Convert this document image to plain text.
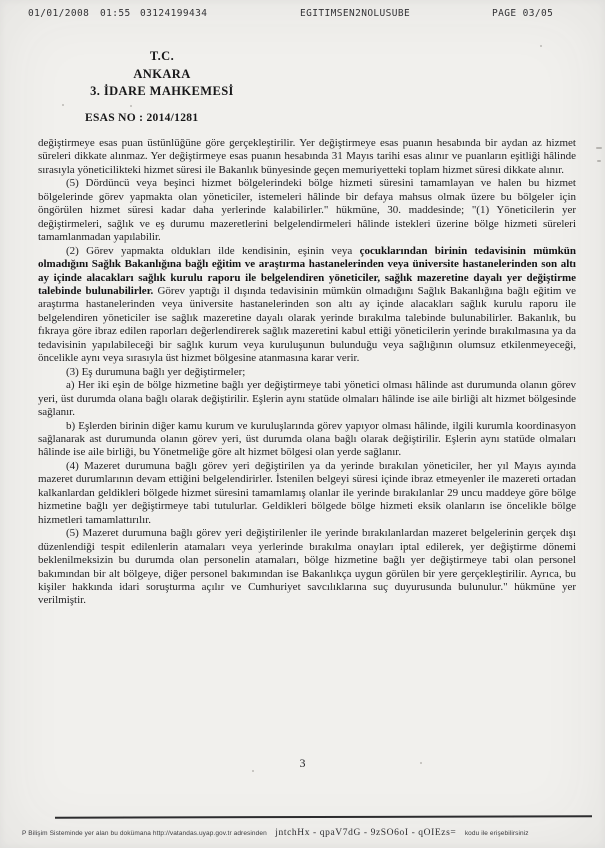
01/01/2008 01:55 03124199434	EGITIMSEN2NOLUSUBE	PAGE 03/05
T.C.
ANKARA
3. İDARE MAHKEMESİ
ESAS NO : 2014/1281

değiştirmeye esas puan üstünlüğüne göre gerçekleştirilir. Yer değiştirmeye esas puanın hesabında bir aydan az hizmet süreleri dikkate alınmaz. Yer değiştirmeye esas puanın hesabında 31 Mayıs tarihi esas alınır ve puanların eşitliği hâlinde sırasıyla yöneticilikteki hizmet süresi ile Bakanlık bünyesinde geçen memuriyetteki toplam hizmet süresi dikkate alınır.

(5) Dördüncü veya beşinci hizmet bölgelerindeki bölge hizmeti süresini tamamlayan ve halen bu hizmet bölgelerinde görev yapmakta olan yöneticiler, istemeleri hâlinde bir defaya mahsus olmak üzere bu bölgeler için öngörülen hizmet süresi kadar daha yerlerinde kalabilirler." hükmüne, 30. maddesinde; "(1) Yöneticilerin yer değiştirmeleri, sağlık ve eş durumu mazeretlerini belgelendirmeleri hâlinde istekleri üzerine bölge hizmeti süreleri tamamlanmadan yapılabilir.

(2) Görev yapmakta oldukları ilde kendisinin, eşinin veya çocuklarından birinin tedavisinin mümkün olmadığını Sağlık Bakanlığına bağlı eğitim ve araştırma hastanelerinden veya üniversite hastanelerinden son altı ay içinde alacakları sağlık kurulu raporu ile belgelendiren yöneticiler, sağlık mazeretine dayalı yer değiştirme talebinde bulunabilirler. Görev yaptığı il dışında tedavisinin mümkün olmadığını Sağlık Bakanlığına bağlı eğitim ve araştırma hastanelerinden veya üniversite hastanelerinden son altı ay içinde alacakları sağlık kurulu raporu ile belgelendiren yöneticiler ise sağlık mazeretine dayalı olarak yerinde bırakılma talebinde bulunabilirler. Bakanlık, bu fıkraya göre ibraz edilen raporları değerlendirerek sağlık mazeretini kabul ettiği yöneticilerin yerinde bırakılmasına ya da tedavisinin yapılabileceği bir sağlık kurum veya kuruluşunun bulunduğu veya sağlığının olumsuz etkilenmeyeceği, öncelikle aynı veya sırasıyla üst hizmet bölgesine atanmasına karar verir.

(3) Eş durumuna bağlı yer değiştirmeler;

a) Her iki eşin de bölge hizmetine bağlı yer değiştirmeye tabi yönetici olması hâlinde ast durumunda olanın görev yeri, üst durumda olana bağlı olarak değiştirilir. Eşlerin aynı statüde olmaları hâlinde ise aile birliği alt hizmet bölgesinde sağlanır.

b) Eşlerden birinin diğer kamu kurum ve kuruluşlarında görev yapıyor olması hâlinde, ilgili kurumla koordinasyon sağlanarak ast durumunda olanın görev yeri, üst durumda olana bağlı olarak değiştirilir. Eşlerin aynı statüde olmaları hâlinde ise aile birliği, bu Yönetmeliğe göre alt hizmet bölgesi olan yerde sağlanır.

(4) Mazeret durumuna bağlı görev yeri değiştirilen ya da yerinde bırakılan yöneticiler, her yıl Mayıs ayında mazeret durumlarının devam ettiğini belgelendirirler. İstenilen belgeyi süresi içinde ibraz etmeyenler ile mazereti ortadan kalkanlardan geldikleri bölgede hizmet süresini tamamlamış olanlar ile yerinde bırakılanlar 29 uncu maddeye göre bölge hizmetine bağlı yer değiştirmeye tabi tutulurlar. Geldikleri bölgede bölge hizmeti eksik olanların ise öncelikle bölge hizmetleri tamamlattırılır.

(5) Mazeret durumuna bağlı görev yeri değiştirilenler ile yerinde bırakılanlardan mazeret belgelerinin gerçek dışı düzenlendiği tespit edilenlerin atamaları veya yerlerinde bırakılma onayları iptal edilerek, yer değiştirme dönemi beklenilmeksizin bu durumda olan personelin atamaları, bölge hizmetine bağlı yer değiştirmeye tabi olan personel bakımından bir alt bölgeye, diğer personel bakımından ise Bakanlıkça uygun görülen bir yere gerçekleştirilir. Ayrıca, bu kişiler hakkında idari soruşturma açılır ve Cumhuriyet savcılıklarına suç duyurusunda bulunulur." hükmüne yer verilmiştir.

3
P Bilişim Sisteminde yer alan bu dokümana http://vatandas.uyap.gov.tr adresinden jntchHx - qpaV7dG - 9zSO6oI - qOIEzs= kodu ile erişebilirsiniz
